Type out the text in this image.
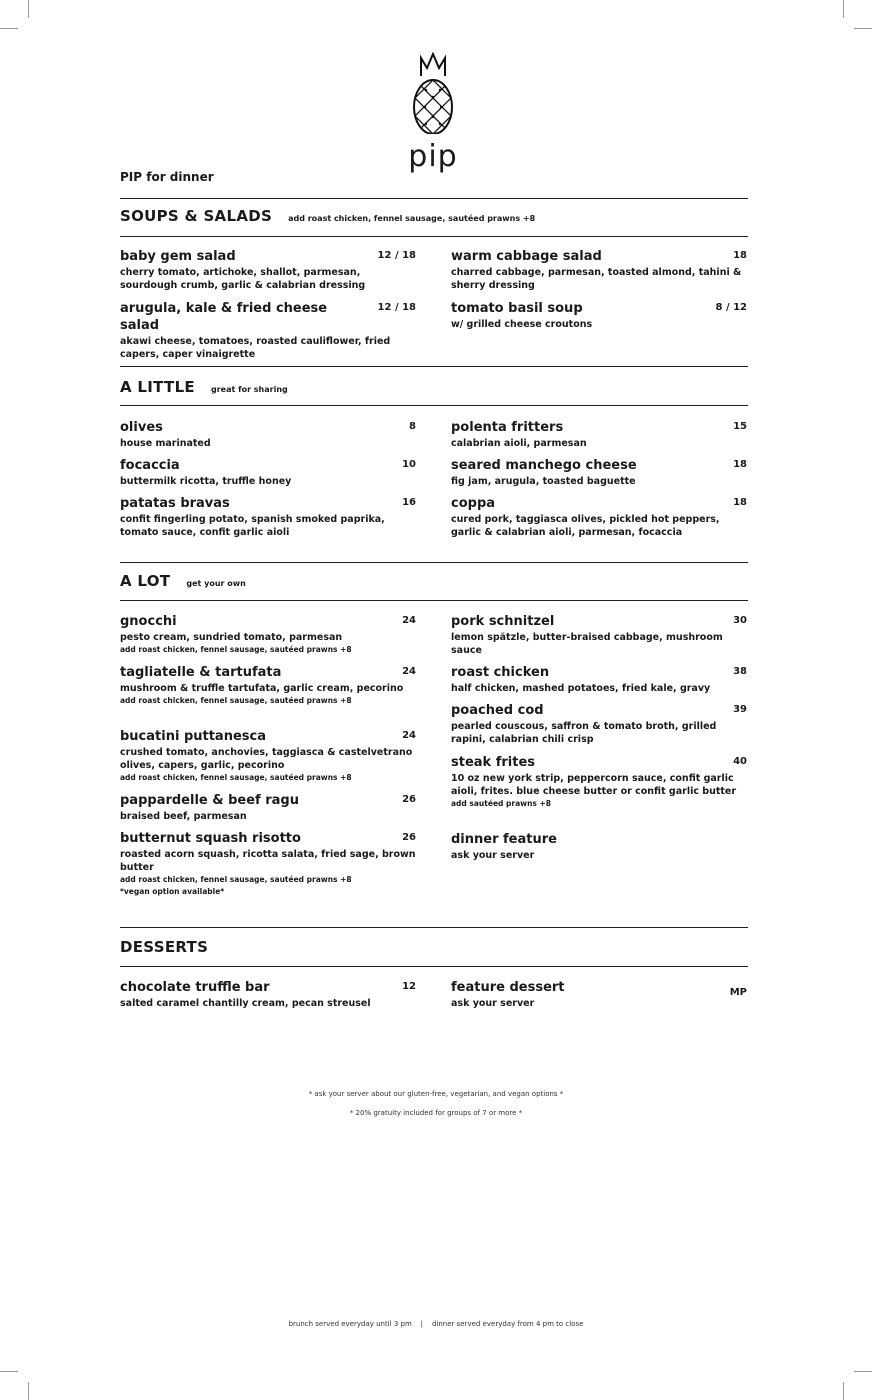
pip
PIP for dinner
SOUPS & SALADS add roast chicken, fennel sausage, sautéed prawns +8
baby gem salad	12 / 18
cherry tomato, artichoke, shallot, parmesan, sourdough crumb, garlic & calabrian dressing
arugula, kale & fried cheese salad
12 / 18
akawi cheese, tomatoes, roasted cauliflower, fried capers, caper vinaigrette
warm cabbage salad	18
charred cabbage, parmesan, toasted almond, tahini & sherry dressing
tomato basil soup	8 / 12
w/ grilled cheese croutons
A LITTLE great for sharing
olives	8
house marinated
focaccia	10
buttermilk ricotta, truffle honey
patatas bravas	16
confit fingerling potato, spanish smoked paprika, tomato sauce, confit garlic aioli
polenta fritters	15
calabrian aioli, parmesan
seared manchego cheese	18
fig jam, arugula, toasted baguette
coppa	18
cured pork, taggiasca olives, pickled hot peppers, garlic & calabrian aioli, parmesan, focaccia
A LOT get your own
gnocchi	24
pesto cream, sundried tomato, parmesan
add roast chicken, fennel sausage, sautéed prawns +8
tagliatelle & tartufata	24
mushroom & truffle tartufata, garlic cream, pecorino
add roast chicken, fennel sausage, sautéed prawns +8
bucatini puttanesca	24
crushed tomato, anchovies, taggiasca & castelvetrano olives, capers, garlic, pecorino
add roast chicken, fennel sausage, sautéed prawns +8
pappardelle & beef ragu	26
braised beef, parmesan
butternut squash risotto	26
roasted acorn squash, ricotta salata, fried sage, brown butter
add roast chicken, fennel sausage, sautéed prawns +8
*vegan option available*
pork schnitzel	30
lemon spätzle, butter-braised cabbage, mushroom sauce
roast chicken	38
half chicken, mashed potatoes, fried kale, gravy
poached cod	39
pearled couscous, saffron & tomato broth, grilled rapini, calabrian chili crisp
steak frites	40
10 oz new york strip, peppercorn sauce, confit garlic aioli, frites. blue cheese butter or confit garlic butter
add sautéed prawns +8
dinner feature
ask your server
DESSERTS
chocolate truffle bar	12
salted caramel chantilly cream, pecan streusel
feature dessert	MP
ask your server
* ask your server about our gluten-free, vegetarian, and vegan options *
* 20% gratuity included for groups of 7 or more *
brunch served everyday until 3 pm    |    dinner served everyday from 4 pm to close
